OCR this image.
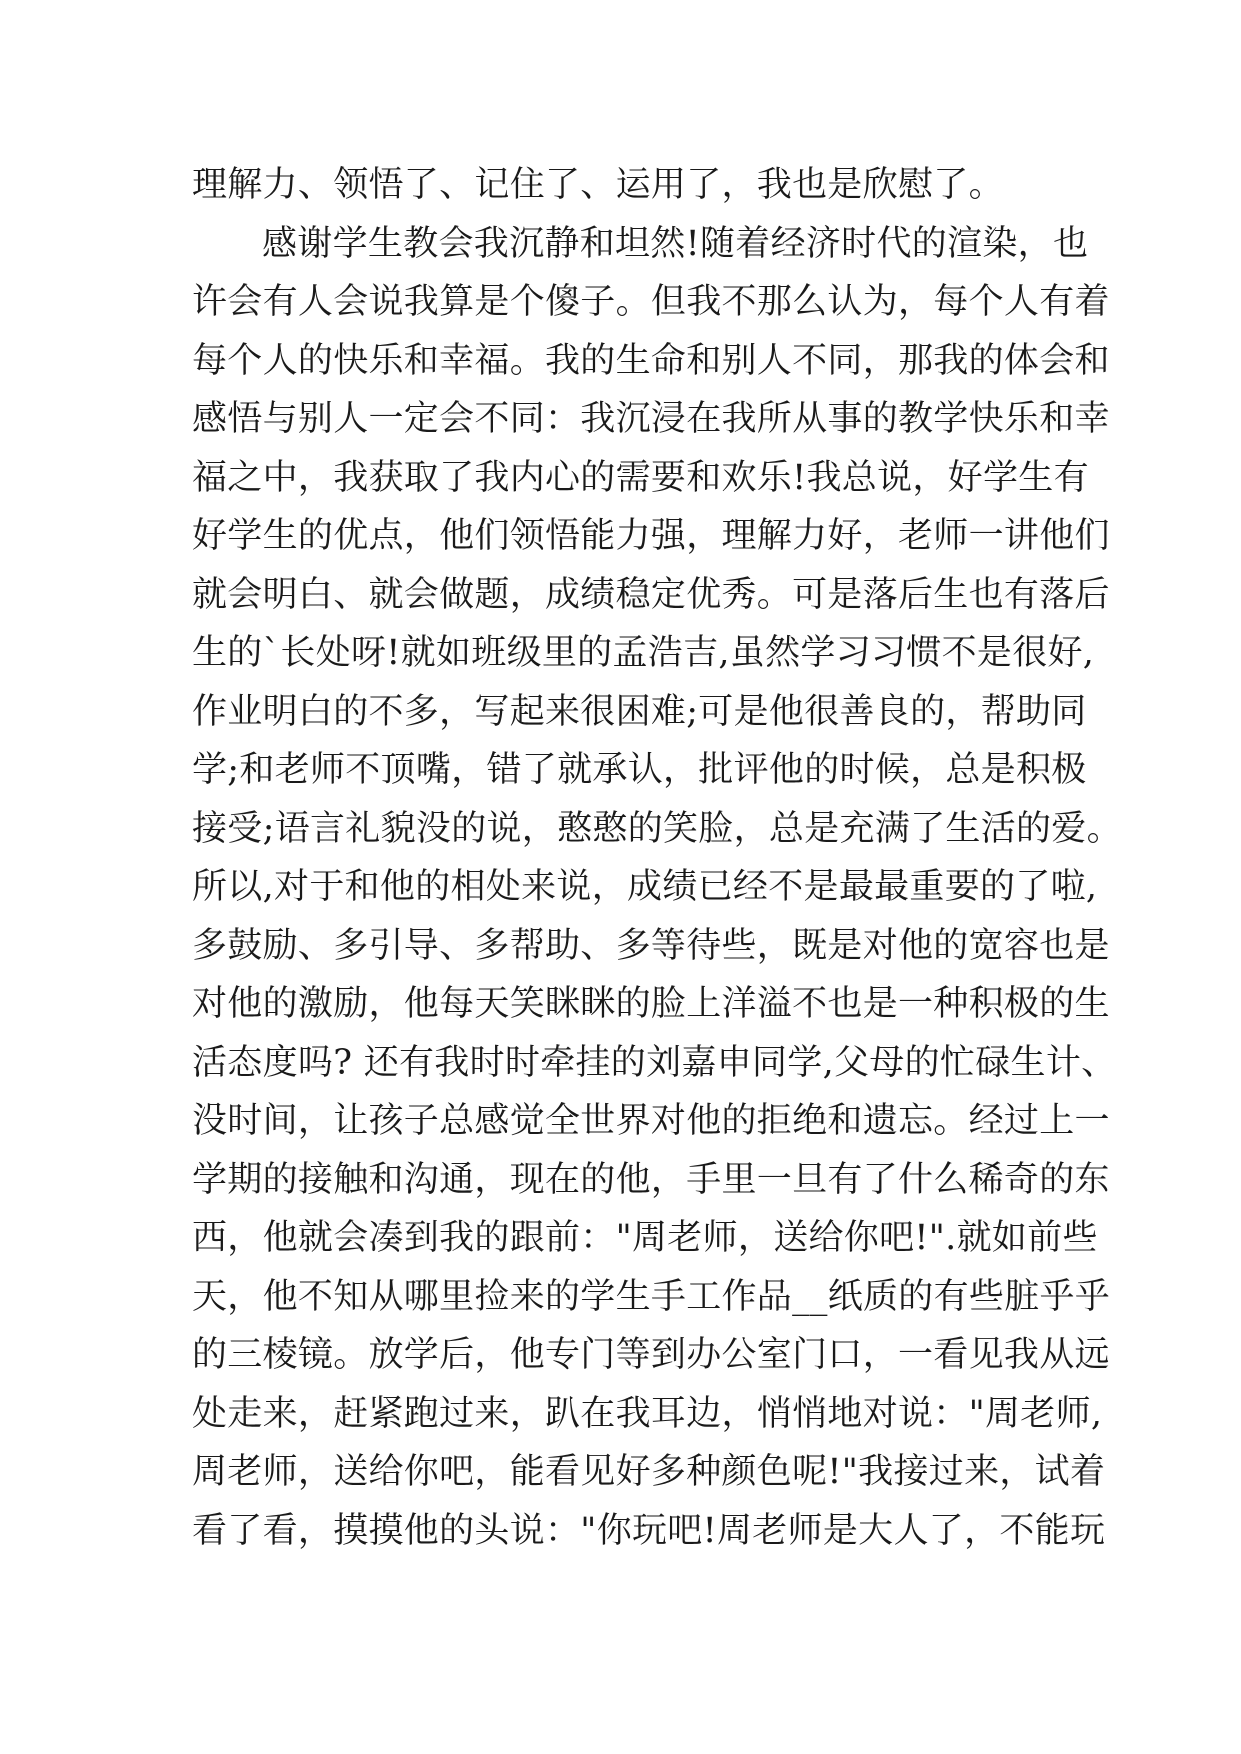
理解力、领悟了、记住了、运用了，我也是欣慰了。
感谢学生教会我沉静和坦然!随着经济时代的渲染，也
许会有人会说我算是个傻子。但我不那么认为，每个人有着
每个人的快乐和幸福。我的生命和别人不同，那我的体会和
感悟与别人一定会不同：我沉浸在我所从事的教学快乐和幸
福之中，我获取了我内心的需要和欢乐!我总说，好学生有
好学生的优点，他们领悟能力强，理解力好，老师一讲他们
就会明白、就会做题，成绩稳定优秀。可是落后生也有落后
生的`长处呀!就如班级里的孟浩吉,虽然学习习惯不是很好,
作业明白的不多，写起来很困难;可是他很善良的，帮助同
学;和老师不顶嘴，错了就承认，批评他的时候，总是积极
接受;语言礼貌没的说，憨憨的笑脸，总是充满了生活的爱。
所以,对于和他的相处来说，成绩已经不是最最重要的了啦,
多鼓励、多引导、多帮助、多等待些，既是对他的宽容也是
对他的激励，他每天笑眯眯的脸上洋溢不也是一种积极的生
活态度吗? 还有我时时牵挂的刘嘉申同学,父母的忙碌生计、
没时间，让孩子总感觉全世界对他的拒绝和遗忘。经过上一
学期的接触和沟通，现在的他，手里一旦有了什么稀奇的东
西，他就会凑到我的跟前："周老师，送给你吧!".就如前些
天，他不知从哪里捡来的学生手工作品__纸质的有些脏乎乎
的三棱镜。放学后，他专门等到办公室门口，一看见我从远
处走来，赶紧跑过来，趴在我耳边，悄悄地对说："周老师,
周老师，送给你吧，能看见好多种颜色呢!"我接过来，试着
看了看，摸摸他的头说："你玩吧!周老师是大人了，不能玩
